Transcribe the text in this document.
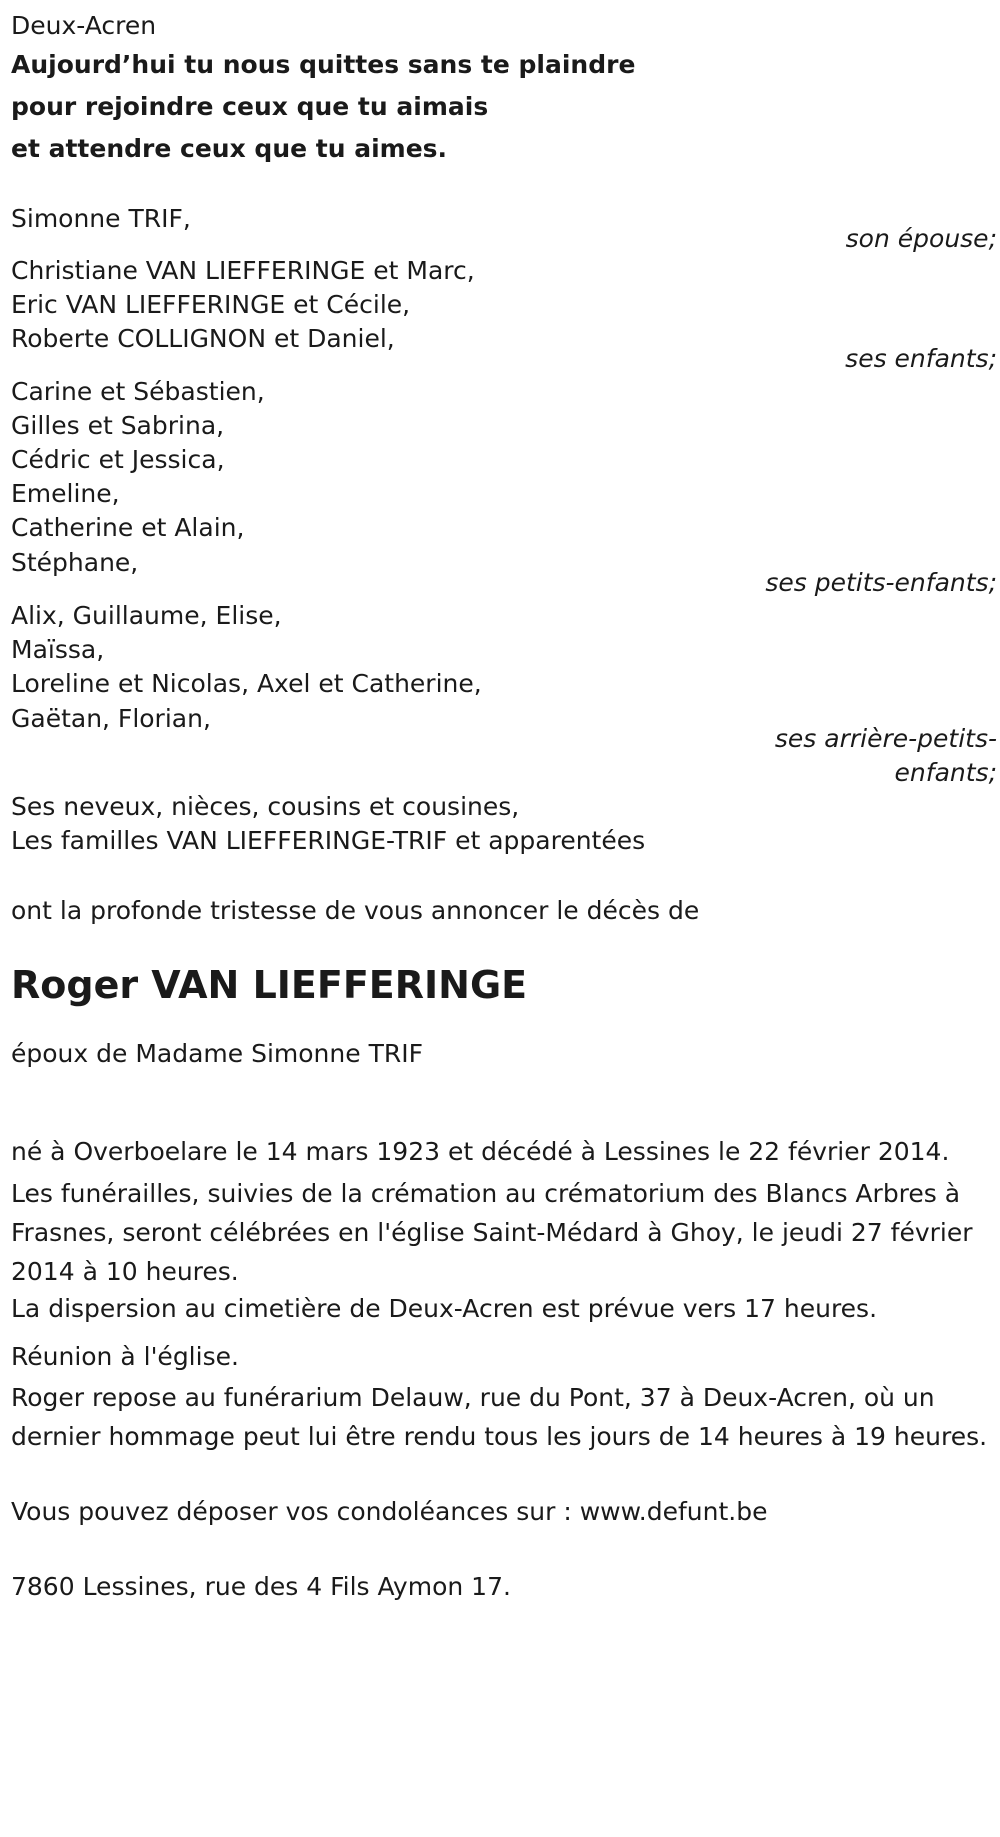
Deux-Acren
Aujourd’hui tu nous quittes sans te plaindre
pour rejoindre ceux que tu aimais
et attendre ceux que tu aimes.
Simonne TRIF,
son épouse;
Christiane VAN LIEFFERINGE et Marc,
Eric VAN LIEFFERINGE et Cécile,
Roberte COLLIGNON et Daniel,
ses enfants;
Carine et Sébastien,
Gilles et Sabrina,
Cédric et Jessica,
Emeline,
Catherine et Alain,
Stéphane,
ses petits-enfants;
Alix, Guillaume, Elise,
Maïssa,
Loreline et Nicolas, Axel et Catherine,
Gaëtan, Florian,
ses arrière-petits-
enfants;
Ses neveux, nièces, cousins et cousines,
Les familles VAN LIEFFERINGE-TRIF et apparentées
ont la profonde tristesse de vous annoncer le décès de
Roger VAN LIEFFERINGE
époux de Madame Simonne TRIF
né à Overboelare le 14 mars 1923 et décédé à Lessines le 22 février 2014.
Les funérailles, suivies de la crémation au crématorium des Blancs Arbres à Frasnes, seront célébrées en l'église Saint-Médard à Ghoy, le jeudi 27 février 2014 à 10 heures.
La dispersion au cimetière de Deux-Acren est prévue vers 17 heures.
Réunion à l'église.
Roger repose au funérarium Delauw, rue du Pont, 37 à Deux-Acren, où un dernier hommage peut lui être rendu tous les jours de 14 heures à 19 heures.
Vous pouvez déposer vos condoléances sur : www.defunt.be
7860 Lessines, rue des 4 Fils Aymon 17.
